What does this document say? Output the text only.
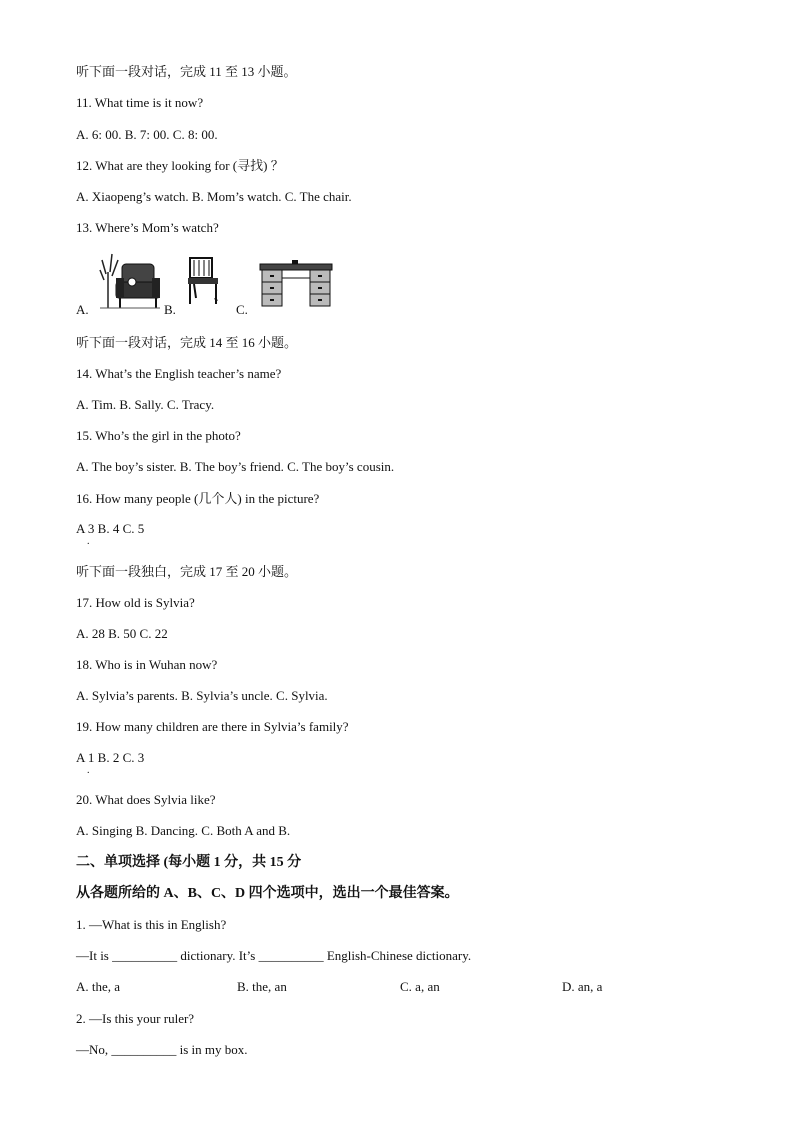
听下面一段对话，完成 11 至 13 小题。
11. What time is it now?
A. 6: 00. B. 7: 00. C. 8: 00.
12. What are they looking for (寻找) ？
A. Xiaopeng’s watch. B. Mom’s watch. C. The chair.
13. Where’s Mom’s watch?
A.	B.	C.
听下面一段对话，完成 14 至 16 小题。
14. What’s the English teacher’s name?
A. Tim. B. Sally. C. Tracy.
15. Who’s the girl in the photo?
A. The boy’s sister. B. The boy’s friend. C. The boy’s cousin.
16. How many people (几个人) in the picture?
A 3 B. 4 C. 5
.
听下面一段独白，完成 17 至 20 小题。
17. How old is Sylvia?
A. 28 B. 50 C. 22
18. Who is in Wuhan now?
A. Sylvia’s parents. B. Sylvia’s uncle. C. Sylvia.
19. How many children are there in Sylvia’s family?
A 1 B. 2 C. 3
.
20. What does Sylvia like?
A. Singing B. Dancing. C. Both A and B.
二、单项选择 (每小题 1 分，共 15 分
从各题所给的 A、B、C、D 四个选项中，选出一个最佳答案。
1. —What is this in English?
—It is __________ dictionary. It’s __________ English-Chinese dictionary.
A. the, a	B. the, an	C. a, an	D. an, a
2. —Is this your ruler?
—No, __________ is in my box.
